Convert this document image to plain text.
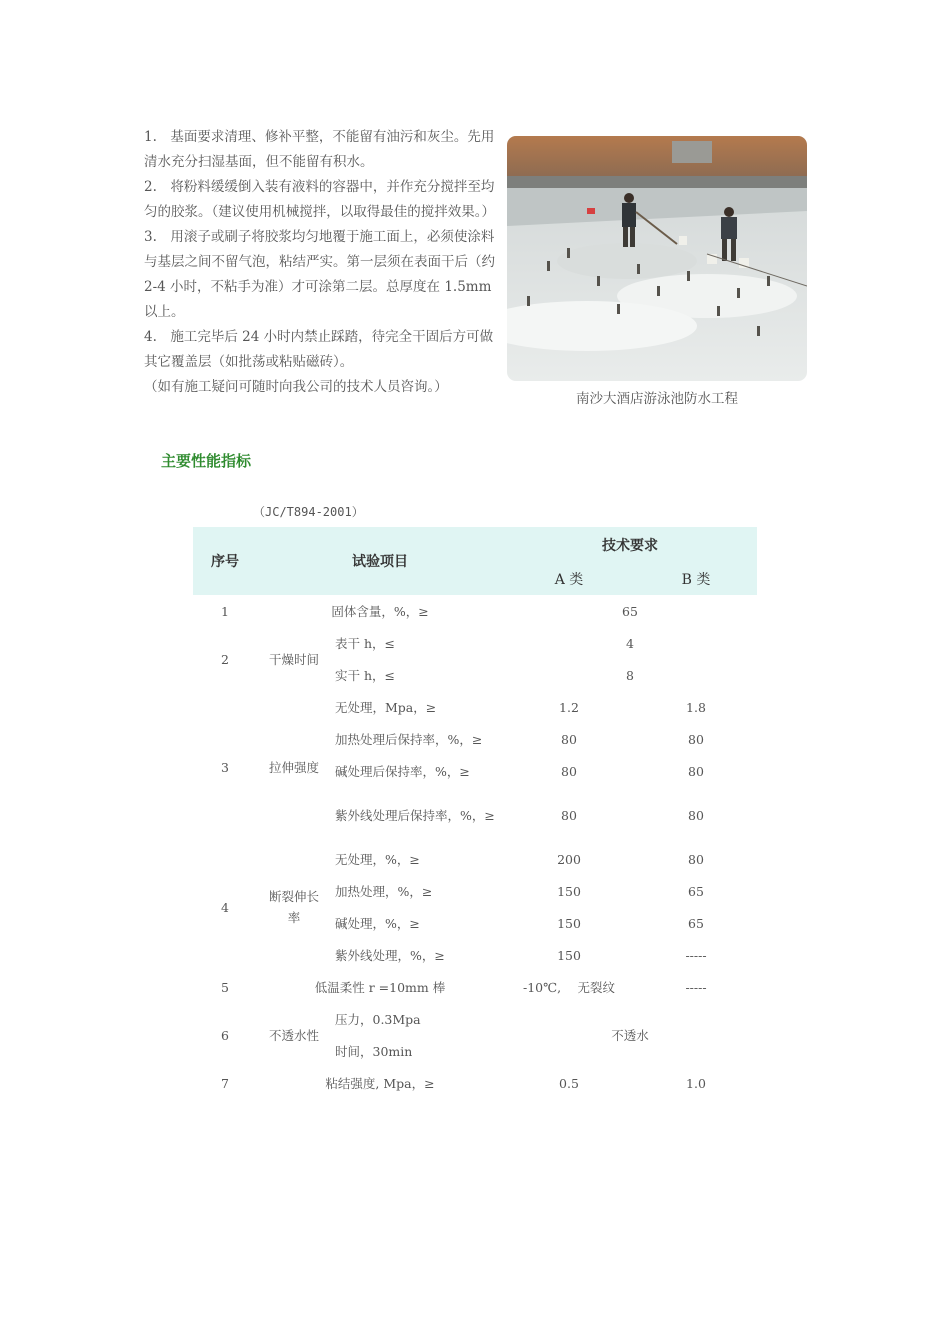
1.　基面要求清理、修补平整，不能留有油污和灰尘。先用清水充分扫湿基面，但不能留有积水。

2.　将粉料缓缓倒入装有液料的容器中，并作充分搅拌至均匀的胶浆。（建议使用机械搅拌，以取得最佳的搅拌效果。）

3.　用滚子或刷子将胶浆均匀地覆于施工面上，必须使涂料与基层之间不留气泡，粘结严实。第一层须在表面干后（约 2-4 小时，不粘手为准）才可涂第二层。总厚度在 1.5mm 以上。

4.　施工完毕后 24 小时内禁止踩踏，待完全干固后方可做其它覆盖层（如批荡或粘贴磁砖）。

（如有施工疑问可随时向我公司的技术人员咨询。）

南沙大酒店游泳池防水工程
主要性能指标
（JC/T894-2001）
序号	试验项目		技术要求	
			A 类	B 类
1	固体含量，%，≥		65	
2	干燥时间	表干 h，≤	4	
		实干 h，≤	8	
3	拉伸强度	无处理，Mpa，≥	1.2	1.8
		加热处理后保持率，%，≥	80	80
		碱处理后保持率，%，≥	80	80
		紫外线处理后保持率，%，≥	80	80
4	断裂伸长率	无处理，%，≥	200	80
		加热处理，%，≥	150	65
		碱处理，%，≥	150	65
		紫外线处理，%，≥	150	-----
5	低温柔性 r =10mm 棒		-10℃,　 无裂纹	-----
6	不透水性	压力，0.3Mpa	不透水	
		时间，30min		
7	粘结强度, Mpa，≥		0.5	1.0
